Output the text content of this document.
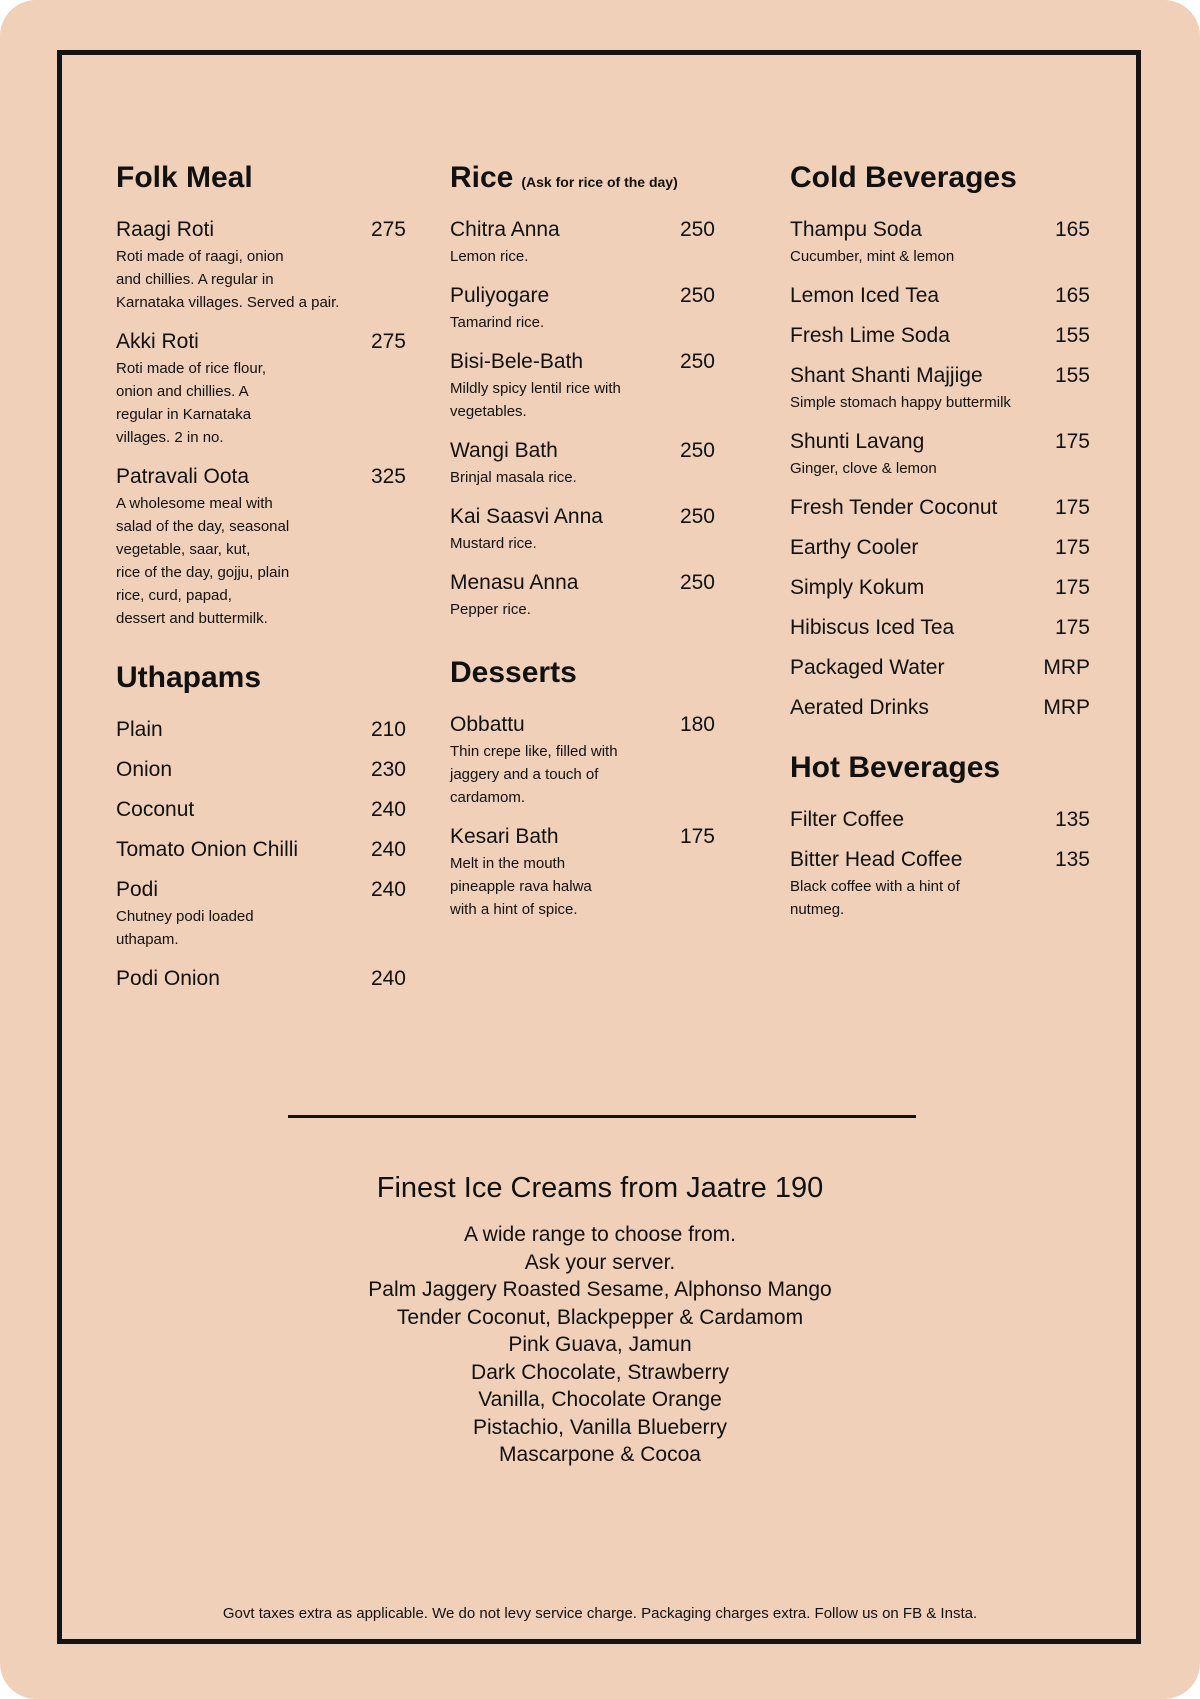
Folk Meal
Raagi Roti	275
Roti made of raagi, onion
and chillies. A regular in
Karnataka villages. Served a pair.
Akki Roti	275
Roti made of rice flour,
onion and chillies. A
regular in Karnataka
villages. 2 in no.
Patravali Oota	325
A wholesome meal with
salad of the day, seasonal
vegetable, saar, kut,
rice of the day, gojju, plain
rice, curd, papad,
dessert and buttermilk.
Uthapams
Plain	210
Onion	230
Coconut	240
Tomato Onion Chilli	240
Podi	240
Chutney podi loaded
uthapam.
Podi Onion	240
Rice (Ask for rice of the day)
Chitra Anna	250
Lemon rice.
Puliyogare	250
Tamarind rice.
Bisi-Bele-Bath	250
Mildly spicy lentil rice with
vegetables.
Wangi Bath	250
Brinjal masala rice.
Kai Saasvi Anna	250
Mustard rice.
Menasu Anna	250
Pepper rice.
Desserts
Obbattu	180
Thin crepe like, filled with
jaggery and a touch of
cardamom.
Kesari Bath	175
Melt in the mouth
pineapple rava halwa
with a hint of spice.
Cold Beverages
Thampu Soda	165
Cucumber, mint & lemon
Lemon Iced Tea	165
Fresh Lime Soda	155
Shant Shanti Majjige	155
Simple stomach happy buttermilk
Shunti Lavang	175
Ginger, clove & lemon
Fresh Tender Coconut	175
Earthy Cooler	175
Simply Kokum	175
Hibiscus Iced Tea	175
Packaged Water	MRP
Aerated Drinks	MRP
Hot Beverages
Filter Coffee	135
Bitter Head Coffee	135
Black coffee with a hint of
nutmeg.
Finest Ice Creams from Jaatre 190
A wide range to choose from.
Ask your server.
Palm Jaggery Roasted Sesame, Alphonso Mango
Tender Coconut, Blackpepper & Cardamom
Pink Guava, Jamun
Dark Chocolate, Strawberry
Vanilla, Chocolate Orange
Pistachio, Vanilla Blueberry
Mascarpone & Cocoa
Govt taxes extra as applicable. We do not levy service charge. Packaging charges extra. Follow us on FB & Insta.
